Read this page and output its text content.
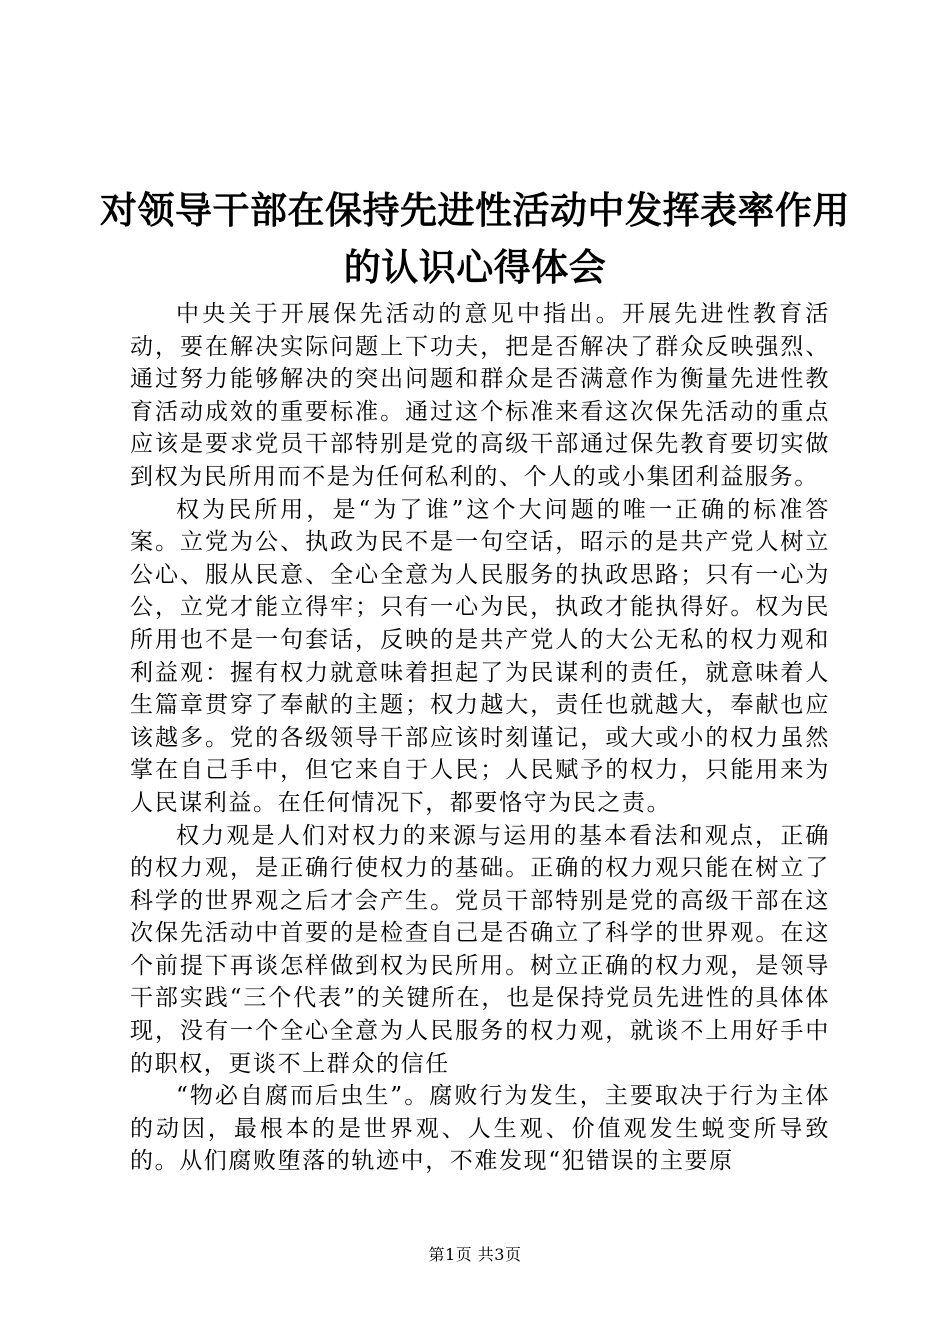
对领导干部在保持先进性活动中发挥表率作用
的认识心得体会

中央关于开展保先活动的意见中指出。开展先进性教育活动，要在解决实际问题上下功夫，把是否解决了群众反映强烈、通过努力能够解决的突出问题和群众是否满意作为衡量先进性教育活动成效的重要标准。通过这个标准来看这次保先活动的重点应该是要求党员干部特别是党的高级干部通过保先教育要切实做到权为民所用而不是为任何私利的、个人的或小集团利益服务。

权为民所用，是“为了谁”这个大问题的唯一正确的标准答案。立党为公、执政为民不是一句空话，昭示的是共产党人树立公心、服从民意、全心全意为人民服务的执政思路；只有一心为公，立党才能立得牢；只有一心为民，执政才能执得好。权为民所用也不是一句套话，反映的是共产党人的大公无私的权力观和利益观：握有权力就意味着担起了为民谋利的责任，就意味着人生篇章贯穿了奉献的主题；权力越大，责任也就越大，奉献也应该越多。党的各级领导干部应该时刻谨记，或大或小的权力虽然掌在自己手中，但它来自于人民；人民赋予的权力，只能用来为人民谋利益。在任何情况下，都要恪守为民之责。

权力观是人们对权力的来源与运用的基本看法和观点，正确的权力观，是正确行使权力的基础。正确的权力观只能在树立了科学的世界观之后才会产生。党员干部特别是党的高级干部在这次保先活动中首要的是检查自己是否确立了科学的世界观。在这个前提下再谈怎样做到权为民所用。树立正确的权力观，是领导干部实践“三个代表”的关键所在，也是保持党员先进性的具体体现，没有一个全心全意为人民服务的权力观，就谈不上用好手中的职权，更谈不上群众的信任

“物必自腐而后虫生”。腐败行为发生，主要取决于行为主体的动因，最根本的是世界观、人生观、价值观发生蜕变所导致的。从们腐败堕落的轨迹中，不难发现“犯错误的主要原

第1页 共3页
